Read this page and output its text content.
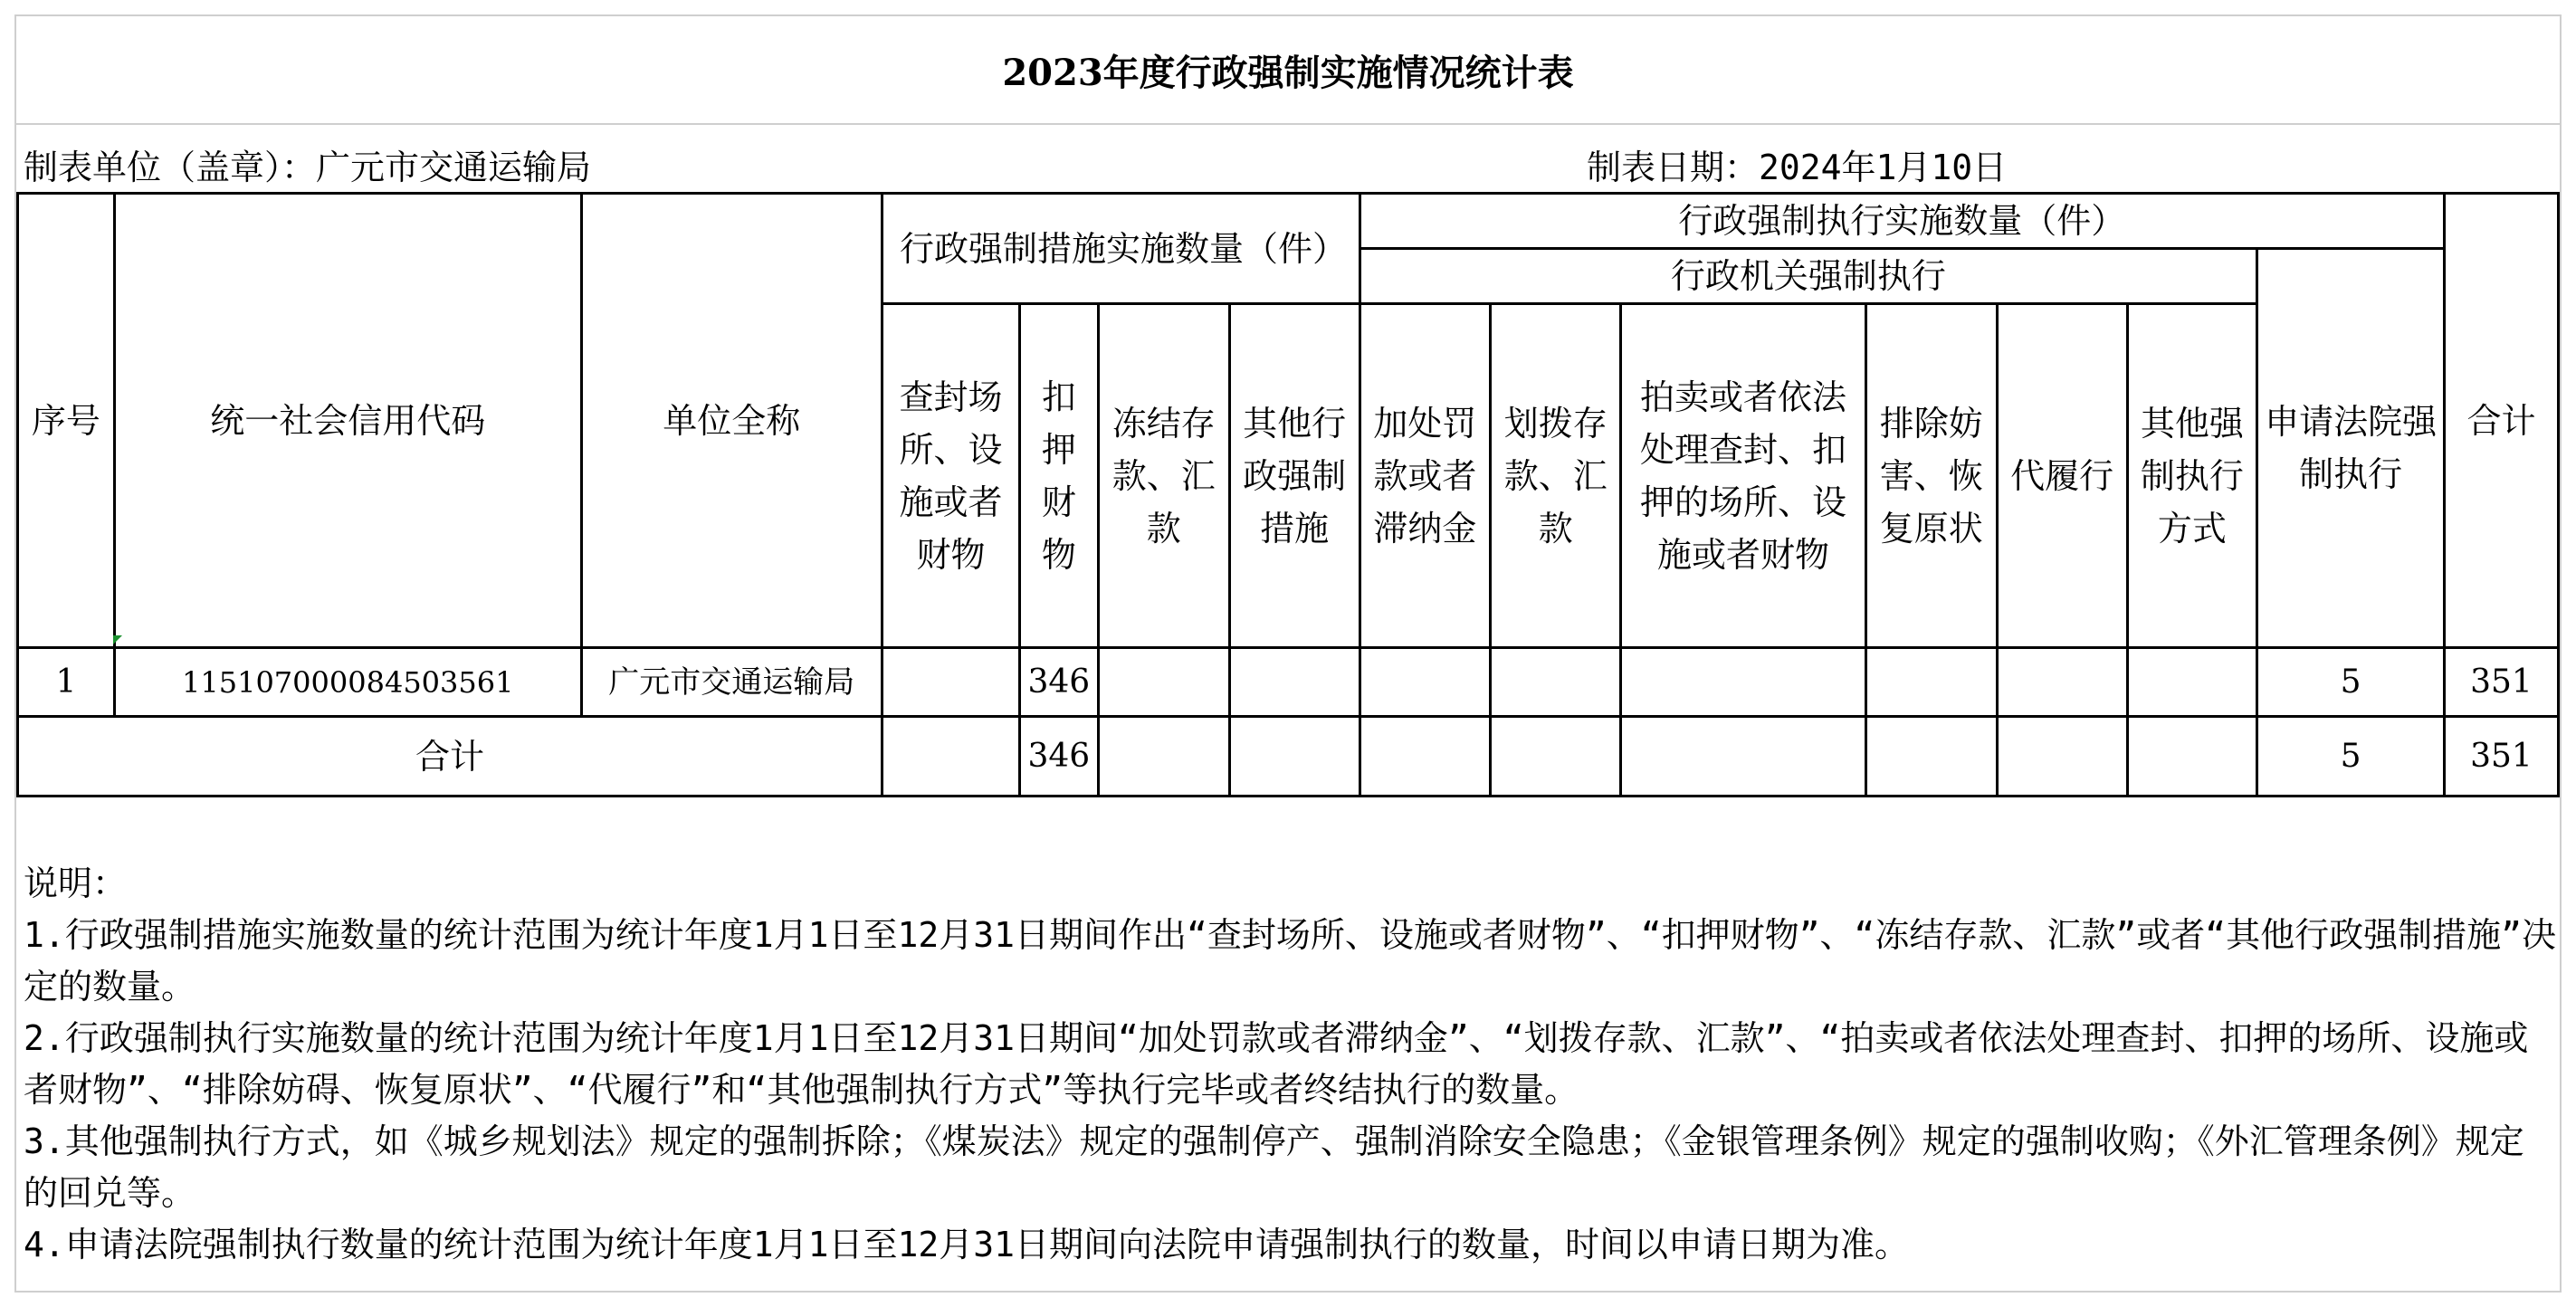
2023年度行政强制实施情况统计表
制表单位（盖章）：广元市交通运输局	制表日期：2024年1月10日
序号	统一社会信用代码	单位全称	行政强制措施实施数量（件）				行政强制执行实施数量（件）							合计
							行政机关强制执行						申请法院强制执行	
			查封场所、设施或者财物	扣押财物	冻结存款、汇款	其他行政强制措施	加处罚款或者滞纳金	划拨存款、汇款	拍卖或者依法处理查封、扣押的场所、设施或者财物	排除妨害、恢复原状	代履行	其他强制执行方式		
1	115107000084503561	广元市交通运输局		346									5	351
合计				346									5	351
说明：
1.行政强制措施实施数量的统计范围为统计年度1月1日至12月31日期间作出“查封场所、设施或者财物”、“扣押财物”、“冻结存款、汇款”或者“其他行政强制措施”决定的数量。
2.行政强制执行实施数量的统计范围为统计年度1月1日至12月31日期间“加处罚款或者滞纳金”、“划拨存款、汇款”、“拍卖或者依法处理查封、扣押的场所、设施或者财物”、“排除妨碍、恢复原状”、“代履行”和“其他强制执行方式”等执行完毕或者终结执行的数量。
3.其他强制执行方式，如《城乡规划法》规定的强制拆除；《煤炭法》规定的强制停产、强制消除安全隐患；《金银管理条例》规定的强制收购；《外汇管理条例》规定的回兑等。
4.申请法院强制执行数量的统计范围为统计年度1月1日至12月31日期间向法院申请强制执行的数量，时间以申请日期为准。
